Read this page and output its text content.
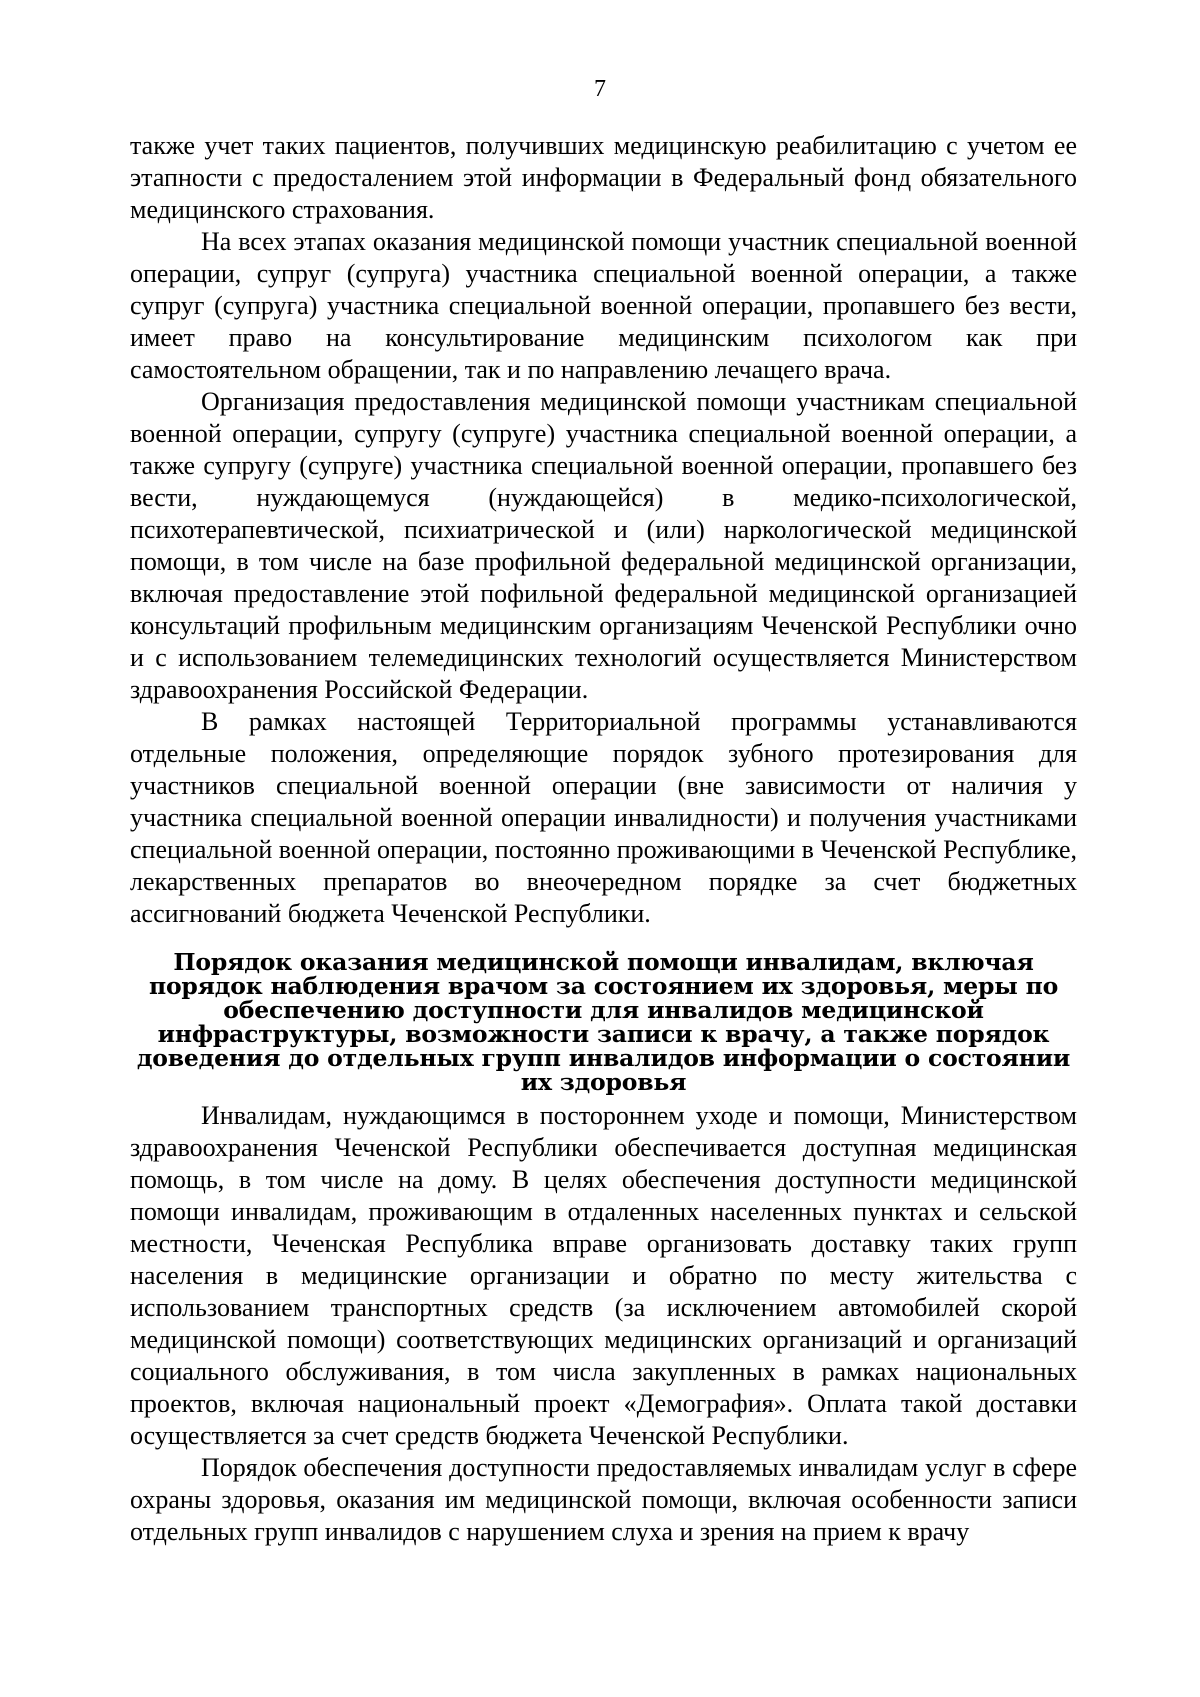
7

также учет таких пациентов, получивших медицинскую реабилитацию с учетом ее этапности с предосталением этой информации в Федеральный фонд обязательного медицинского страхования.

На всех этапах оказания медицинской помощи участник специальной военной операции, супруг (супруга) участника специальной военной операции, а также супруг (супруга) участника специальной военной операции, пропавшего без вести, имеет право на консультирование медицинским психологом как при самостоятельном обращении, так и по направлению лечащего врача.

Организация предоставления медицинской помощи участникам специальной военной операции, супругу (супруге) участника специальной военной операции, а также супругу (супруге) участника специальной военной операции, пропавшего без вести, нуждающемуся (нуждающейся) в медико-психологической, психотерапевтической, психиатрической и (или) наркологической медицинской помощи, в том числе на базе профильной федеральной медицинской организации, включая предоставление этой пофильной федеральной медицинской организацией консультаций профильным медицинским организациям Чеченской Республики очно и с использованием телемедицинских технологий осуществляется Министерством здравоохранения Российской Федерации.

В рамках настоящей Территориальной программы устанавливаются отдельные положения, определяющие порядок зубного протезирования для участников специальной военной операции (вне зависимости от наличия у участника специальной военной операции инвалидности) и получения участниками специальной военной операции, постоянно проживающими в Чеченской Республике, лекарственных препаратов во внеочередном порядке за счет бюджетных ассигнований бюджета Чеченской Республики.

Порядок оказания медицинской помощи инвалидам, включая порядок наблюдения врачом за состоянием их здоровья, меры по обеспечению доступности для инвалидов медицинской инфраструктуры, возможности записи к врачу, а также порядок доведения до отдельных групп инвалидов информации о состоянии их здоровья

Инвалидам, нуждающимся в постороннем уходе и помощи, Министерством здравоохранения Чеченской Республики обеспечивается доступная медицинская помощь, в том числе на дому. В целях обеспечения доступности медицинской помощи инвалидам, проживающим в отдаленных населенных пунктах и сельской местности, Чеченская Республика вправе организовать доставку таких групп населения в медицинские организации и обратно по месту жительства с использованием транспортных средств (за исключением автомобилей скорой медицинской помощи) соответствующих медицинских организаций и организаций социального обслуживания, в том числа закупленных в рамках национальных проектов, включая национальный проект «Демография». Оплата такой доставки осуществляется за счет средств бюджета Чеченской Республики.

Порядок обеспечения доступности предоставляемых инвалидам услуг в сфере охраны здоровья, оказания им медицинской помощи, включая особенности записи отдельных групп инвалидов с нарушением слуха и зрения на прием к врачу
